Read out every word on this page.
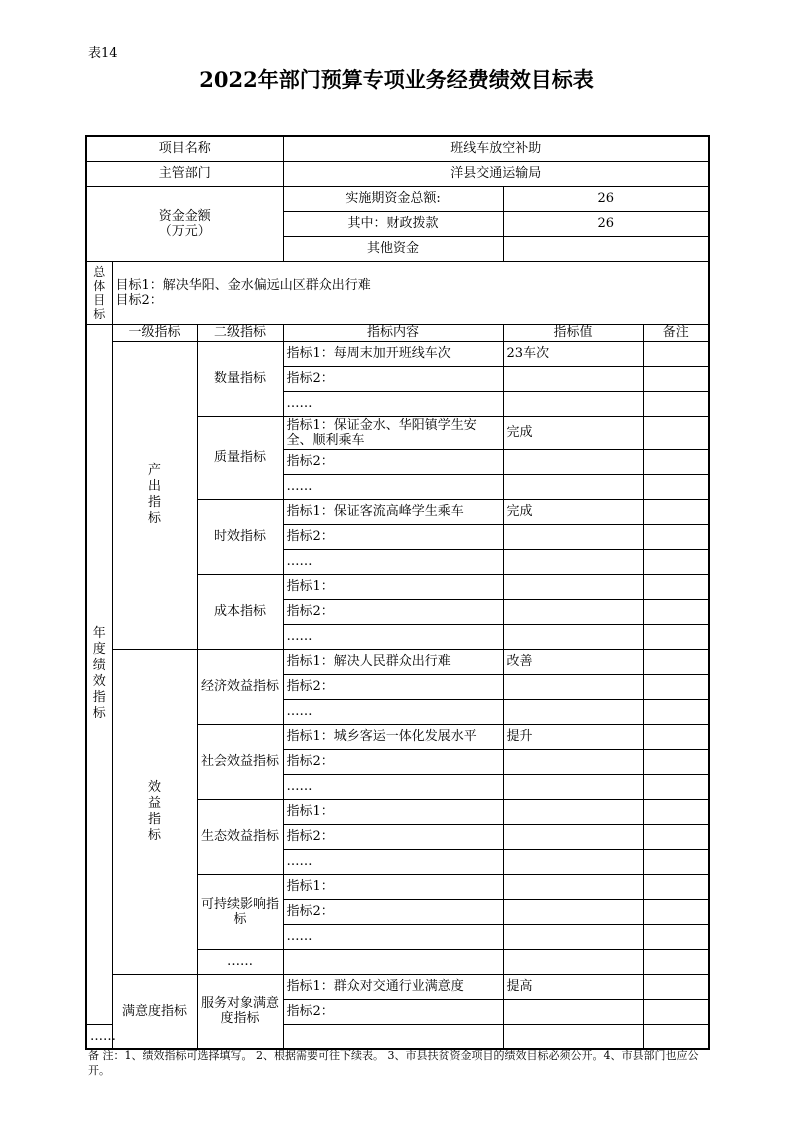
表14
2022年部门预算专项业务经费绩效目标表
项目名称			班线车放空补助		
主管部门			洋县交通运输局		

资金金额
（万元）			实施期资金总额:	26	
			其中：财政拨款	26	
			其他资金		

总体目标	目标1：解决华阳、金水偏远山区群众出行难
目标2：				

年度绩效指标	一级指标	二级指标	指标内容	指标值	备注

	产出指标	数量指标	指标1：每周末加开班线车次	23车次	
			指标2：		
			……		
		质量指标	指标1：保证金水、华阳镇学生安全、顺利乘车	完成	
			指标2：		
			……		
		时效指标	指标1：保证客流高峰学生乘车	完成	
			指标2：		
			……		
		成本指标	指标1：		
			指标2：		
			……		

	效益指标	经济效益指标	指标1：解决人民群众出行难	改善	
			指标2：		
			……		
		社会效益指标	指标1：城乡客运一体化发展水平	提升	
			指标2：		
			……		
		生态效益指标	指标1：		
			指标2：		
			……		
		可持续影响指标	指标1：		
			指标2：		
			……		
		……			
	满意度指标	服务对象满意度指标	指标1：群众对交通行业满意度	提高	
			指标2：		
……					
备 注：1、绩效指标可选择填写。 2、根据需要可往下续表。 3、市县扶贫资金项目的绩效目标必须公开。4、市县部门也应公开。
